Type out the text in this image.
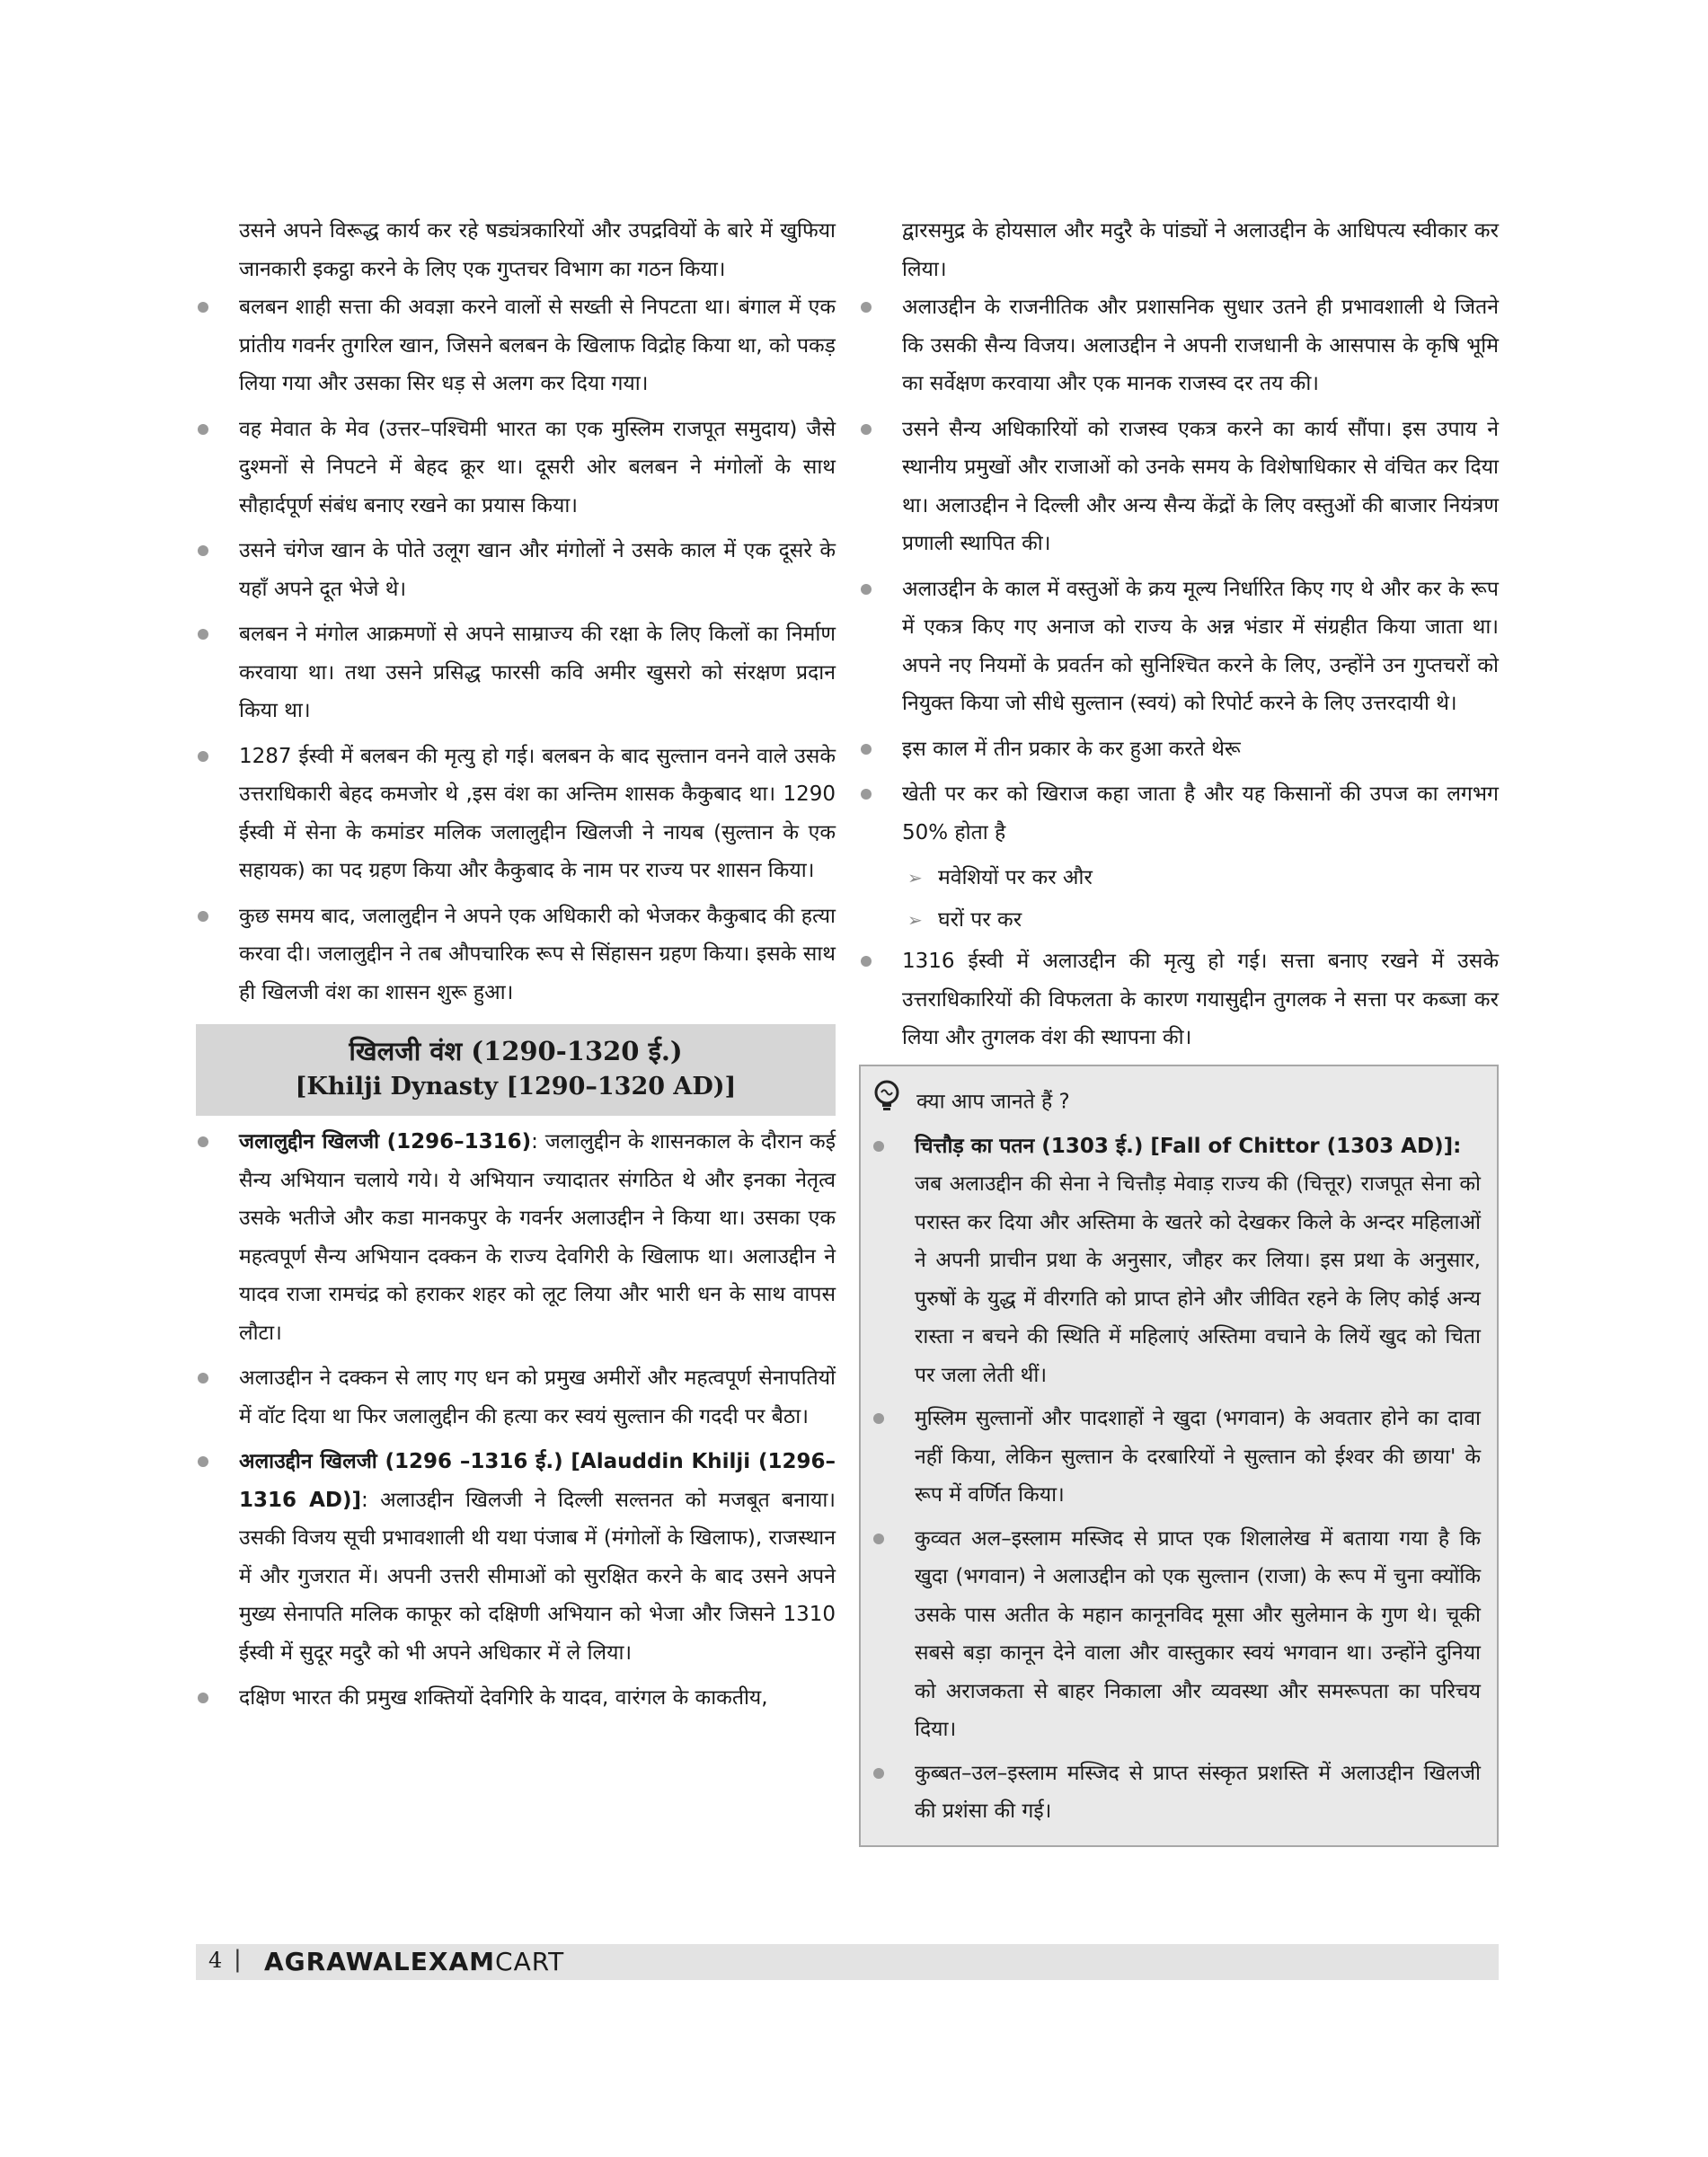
उसने अपने विरूद्ध कार्य कर रहे षड्यंत्रकारियों और उपद्रवियों के बारे में खुफिया जानकारी इकट्ठा करने के लिए एक गुप्तचर विभाग का गठन किया।

बलबन शाही सत्ता की अवज्ञा करने वालों से सख्ती से निपटता था। बंगाल में एक प्रांतीय गवर्नर तुगरिल खान, जिसने बलबन के खिलाफ विद्रोह किया था, को पकड़ लिया गया और उसका सिर धड़ से अलग कर दिया गया।
वह मेवात के मेव (उत्तर–पश्चिमी भारत का एक मुस्लिम राजपूत समुदाय) जैसे दुश्मनों से निपटने में बेहद क्रूर था। दूसरी ओर बलबन ने मंगोलों के साथ सौहार्दपूर्ण संबंध बनाए रखने का प्रयास किया।
उसने चंगेज खान के पोते उलूग खान और मंगोलों ने उसके काल में एक दूसरे के यहाँ अपने दूत भेजे थे।
बलबन ने मंगोल आक्रमणों से अपने साम्राज्य की रक्षा के लिए किलों का निर्माण करवाया था। तथा उसने प्रसिद्ध फारसी कवि अमीर खुसरो को संरक्षण प्रदान किया था।
1287 ईस्वी में बलबन की मृत्यु हो गई। बलबन के बाद सुल्तान वनने वाले उसके उत्तराधिकारी बेहद कमजोर थे ,इस वंश का अन्तिम शासक कैकुबाद था। 1290 ईस्वी में सेना के कमांडर मलिक जलालुद्दीन खिलजी ने नायब (सुल्तान के एक सहायक) का पद ग्रहण किया और कैकुबाद के नाम पर राज्य पर शासन किया।
कुछ समय बाद, जलालुद्दीन ने अपने एक अधिकारी को भेजकर कैकुबाद की हत्या करवा दी। जलालुद्दीन ने तब औपचारिक रूप से सिंहासन ग्रहण किया। इसके साथ ही खिलजी वंश का शासन शुरू हुआ।
खिलजी वंश (1290-1320 ई.)
[Khilji Dynasty [1290–1320 AD)]
जलालुद्दीन खिलजी (1296–1316): जलालुद्दीन के शासनकाल के दौरान कई सैन्य अभियान चलाये गये। ये अभियान ज्यादातर संगठित थे और इनका नेतृत्व उसके भतीजे और कडा मानकपुर के गवर्नर अलाउद्दीन ने किया था। उसका एक महत्वपूर्ण सैन्य अभियान दक्कन के राज्य देवगिरी के खिलाफ था। अलाउद्दीन ने यादव राजा रामचंद्र को हराकर शहर को लूट लिया और भारी धन के साथ वापस लौटा।
अलाउद्दीन ने दक्कन से लाए गए धन को प्रमुख अमीरों और महत्वपूर्ण सेनापतियों में वॉट दिया था फिर जलालुद्दीन की हत्या कर स्वयं सुल्तान की गददी पर बैठा।
अलाउद्दीन खिलजी (1296 –1316 ई.) [Alauddin Khilji (1296–1316 AD)]: अलाउद्दीन खिलजी ने दिल्ली सल्तनत को मजबूत बनाया। उसकी विजय सूची प्रभावशाली थी यथा पंजाब में (मंगोलों के खिलाफ), राजस्थान में और गुजरात में। अपनी उत्तरी सीमाओं को सुरक्षित करने के बाद उसने अपने मुख्य सेनापति मलिक काफूर को दक्षिणी अभियान को भेजा और जिसने 1310 ईस्वी में सुदूर मदुरै को भी अपने अधिकार में ले लिया।
दक्षिण भारत की प्रमुख शक्तियों देवगिरि के यादव, वारंगल के काकतीय,

द्वारसमुद्र के होयसाल और मदुरै के पांड्यों ने अलाउद्दीन के आधिपत्य स्वीकार कर लिया।

अलाउद्दीन के राजनीतिक और प्रशासनिक सुधार उतने ही प्रभावशाली थे जितने कि उसकी सैन्य विजय। अलाउद्दीन ने अपनी राजधानी के आसपास के कृषि भूमि का सर्वेक्षण करवाया और एक मानक राजस्व दर तय की।
उसने सैन्य अधिकारियों को राजस्व एकत्र करने का कार्य सौंपा। इस उपाय ने स्थानीय प्रमुखों और राजाओं को उनके समय के विशेषाधिकार से वंचित कर दिया था। अलाउद्दीन ने दिल्ली और अन्य सैन्य केंद्रों के लिए वस्तुओं की बाजार नियंत्रण प्रणाली स्थापित की।
अलाउद्दीन के काल में वस्तुओं के क्रय मूल्य निर्धारित किए गए थे और कर के रूप में एकत्र किए गए अनाज को राज्य के अन्न भंडार में संग्रहीत किया जाता था। अपने नए नियमों के प्रवर्तन को सुनिश्चित करने के लिए, उन्होंने उन गुप्तचरों को नियुक्त किया जो सीधे सुल्तान (स्वयं) को रिपोर्ट करने के लिए उत्तरदायी थे।
इस काल में तीन प्रकार के कर हुआ करते थेरू
खेती पर कर को खिराज कहा जाता है और यह किसानों की उपज का लगभग 50% होता है
➢ मवेशियों पर कर और
➢ घरों पर कर
1316 ईस्वी में अलाउद्दीन की मृत्यु हो गई। सत्ता बनाए रखने में उसके उत्तराधिकारियों की विफलता के कारण गयासुद्दीन तुगलक ने सत्ता पर कब्जा कर लिया और तुगलक वंश की स्थापना की।
क्या आप जानते हैं ?
चित्तौड़ का पतन (1303 ई.) [Fall of Chittor (1303 AD)]:
जब अलाउद्दीन की सेना ने चित्तौड़ मेवाड़ राज्य की (चित्तूर) राजपूत सेना को परास्त कर दिया और अस्तिमा के खतरे को देखकर किले के अन्दर महिलाओं ने अपनी प्राचीन प्रथा के अनुसार, जौहर कर लिया। इस प्रथा के अनुसार, पुरुषों के युद्ध में वीरगति को प्राप्त होने और जीवित रहने के लिए कोई अन्य रास्ता न बचने की स्थिति में महिलाएं अस्तिमा वचाने के लियें खुद को चिता पर जला लेती थीं।
मुस्लिम सुल्तानों और पादशाहों ने खुदा (भगवान) के अवतार होने का दावा नहीं किया, लेकिन सुल्तान के दरबारियों ने सुल्तान को ईश्वर की छाया' के रूप में वर्णित किया।
कुव्वत अल–इस्लाम मस्जिद से प्राप्त एक शिलालेख में बताया गया है कि खुदा (भगवान) ने अलाउद्दीन को एक सुल्तान (राजा) के रूप में चुना क्योंकि उसके पास अतीत के महान कानूनविद मूसा और सुलेमान के गुण थे। चूकी सबसे बड़ा कानून देने वाला और वास्तुकार स्वयं भगवान था। उन्होंने दुनिया को अराजकता से बाहर निकाला और व्यवस्था और समरूपता का परिचय दिया।
कुब्बत–उल–इस्लाम मस्जिद से प्राप्त संस्कृत प्रशस्ति में अलाउद्दीन खिलजी की प्रशंसा की गई।
4 | AGRAWALEXAMCART
